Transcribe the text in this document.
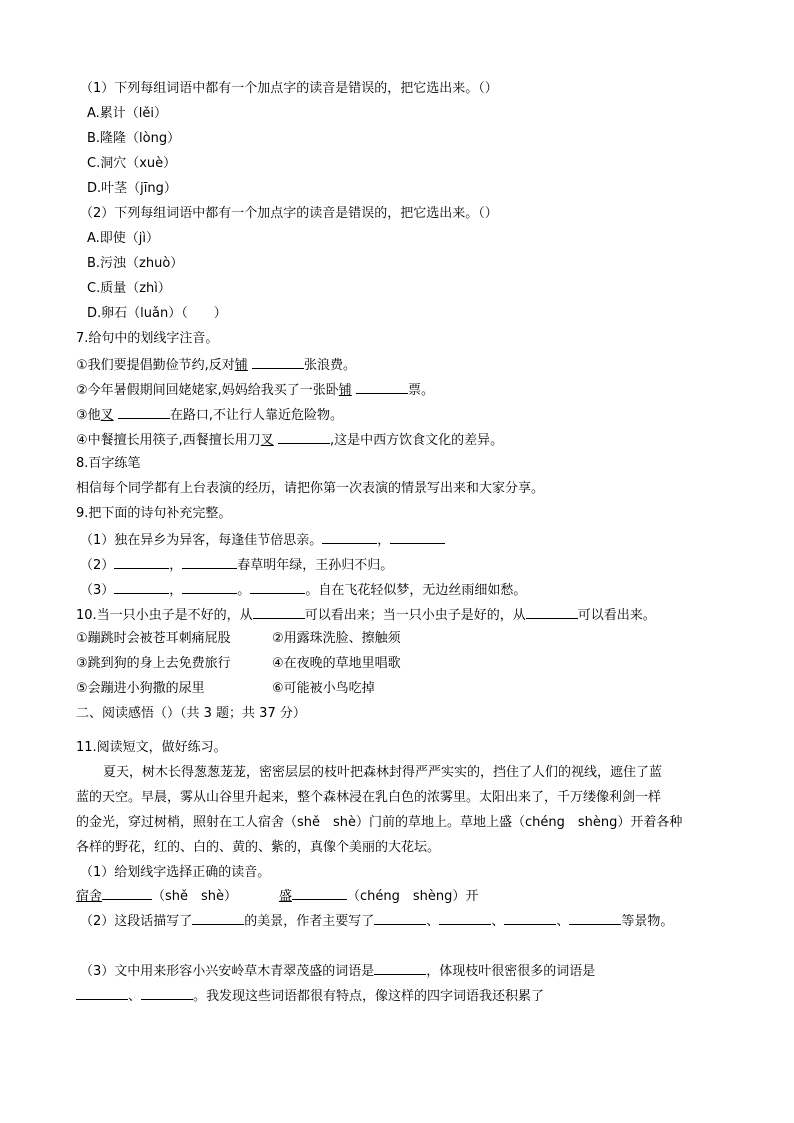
（1）下列每组词语中都有一个加点字的读音是错误的，把它选出来。（）
A.累计（lěi）
B.隆隆（lòng）
C.洞穴（xuè）
D.叶茎（jīng）
（2）下列每组词语中都有一个加点字的读音是错误的，把它选出来。（）
A.即使（jì）
B.污浊（zhuò）
C.质量（zhì）
D.卵石（luǎn）（　　）
7.给句中的划线字注音。
①我们要提倡勤俭节约,反对铺	张浪费。
②今年暑假期间回姥姥家,妈妈给我买了一张卧铺	票。
③他叉	在路口,不让行人靠近危险物。
④中餐擅长用筷子,西餐擅长用刀叉	,这是中西方饮食文化的差异。
8.百字练笔
相信每个同学都有上台表演的经历，请把你第一次表演的情景写出来和大家分享。
9.把下面的诗句补充完整。
（1）独在异乡为异客，每逢佳节倍思亲。	，
（2）	，	春草明年绿，王孙归不归。
（3）	，	。	。自在飞花轻似梦，无边丝雨细如愁。
10.当一只小虫子是不好的，从	可以看出来；当一只小虫子是好的，从	可以看出来。
①蹦跳时会被苍耳刺痛屁股	②用露珠洗脸、擦触须
③跳到狗的身上去免费旅行	④在夜晚的草地里唱歌
⑤会蹦进小狗撒的尿里	⑥可能被小鸟吃掉
二、阅读感悟（）（共 3 题；共 37 分）
11.阅读短文，做好练习。
夏天，树木长得葱葱茏茏，密密层层的枝叶把森林封得严严实实的，挡住了人们的视线，遮住了蓝
蓝的天空。早晨，雾从山谷里升起来，整个森林浸在乳白色的浓雾里。太阳出来了，千万缕像利剑一样
的金光，穿过树梢，照射在工人宿舍（shě　shè）门前的草地上。草地上盛（chéng　shèng）开着各种
各样的野花，红的、白的、黄的、紫的，真像个美丽的大花坛。
（1）给划线字选择正确的读音。
宿舍	（shě　shè）	盛	（chéng　shèng）开
（2）这段话描写了	的美景，作者主要写了	、	、	、	等景物。
（3）文中用来形容小兴安岭草木青翠茂盛的词语是	，体现枝叶很密很多的词语是
、	。我发现这些词语都很有特点，像这样的四字词语我还积累了
